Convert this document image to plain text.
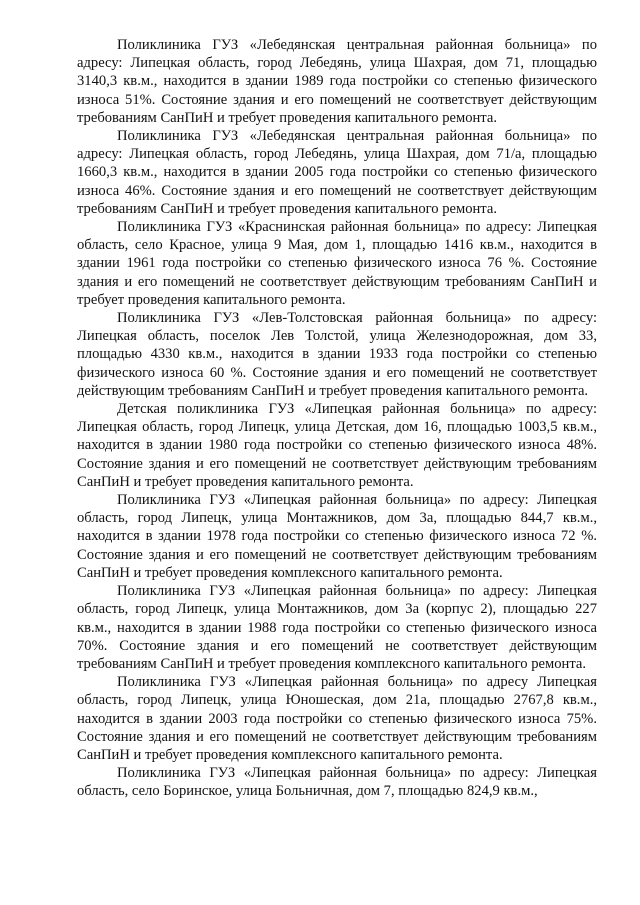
Поликлиника ГУЗ «Лебедянская центральная районная больница» по адресу: Липецкая область, город Лебедянь, улица Шахрая, дом 71, площадью 3140,3 кв.м., находится в здании 1989 года постройки со степенью физического износа 51%. Состояние здания и его помещений не соответствует действующим требованиям СанПиН и требует проведения капитального ремонта.

Поликлиника ГУЗ «Лебедянская центральная районная больница» по адресу: Липецкая область, город Лебедянь, улица Шахрая, дом 71/а, площадью 1660,3 кв.м., находится в здании 2005 года постройки со степенью физического износа 46%. Состояние здания и его помещений не соответствует действующим требованиям СанПиН и требует проведения капитального ремонта.

Поликлиника ГУЗ «Краснинская районная больница» по адресу: Липецкая область, село Красное, улица 9 Мая, дом 1, площадью 1416 кв.м., находится в здании 1961 года постройки со степенью физического износа 76 %. Состояние здания и его помещений не соответствует действующим требованиям СанПиН и требует проведения капитального ремонта.

Поликлиника ГУЗ «Лев-Толстовская районная больница» по адресу: Липецкая область, поселок Лев Толстой, улица Железнодорожная, дом 33, площадью 4330 кв.м., находится в здании 1933 года постройки со степенью физического износа 60 %. Состояние здания и его помещений не соответствует действующим требованиям СанПиН и требует проведения капитального ремонта.

Детская поликлиника ГУЗ «Липецкая районная больница» по адресу: Липецкая область, город Липецк, улица Детская, дом 16, площадью 1003,5 кв.м., находится в здании 1980 года постройки со степенью физического износа 48%. Состояние здания и его помещений не соответствует действующим требованиям СанПиН и требует проведения капитального ремонта.

Поликлиника ГУЗ «Липецкая районная больница» по адресу: Липецкая область, город Липецк, улица Монтажников, дом 3а, площадью 844,7 кв.м., находится в здании 1978 года постройки со степенью физического износа 72 %. Состояние здания и его помещений не соответствует действующим требованиям СанПиН и требует проведения комплексного капитального ремонта.

Поликлиника ГУЗ «Липецкая районная больница» по адресу: Липецкая область, город Липецк, улица Монтажников, дом 3а (корпус 2), площадью 227 кв.м., находится в здании 1988 года постройки со степенью физического износа 70%. Состояние здания и его помещений не соответствует действующим требованиям СанПиН и требует проведения комплексного капитального ремонта.

Поликлиника ГУЗ «Липецкая районная больница» по адресу Липецкая область, город Липецк, улица Юношеская, дом 21а, площадью 2767,8 кв.м., находится в здании 2003 года постройки со степенью физического износа 75%. Состояние здания и его помещений не соответствует действующим требованиям СанПиН и требует проведения комплексного капитального ремонта.

Поликлиника ГУЗ «Липецкая районная больница» по адресу: Липецкая область, село Боринское, улица Больничная, дом 7, площадью 824,9 кв.м.,
